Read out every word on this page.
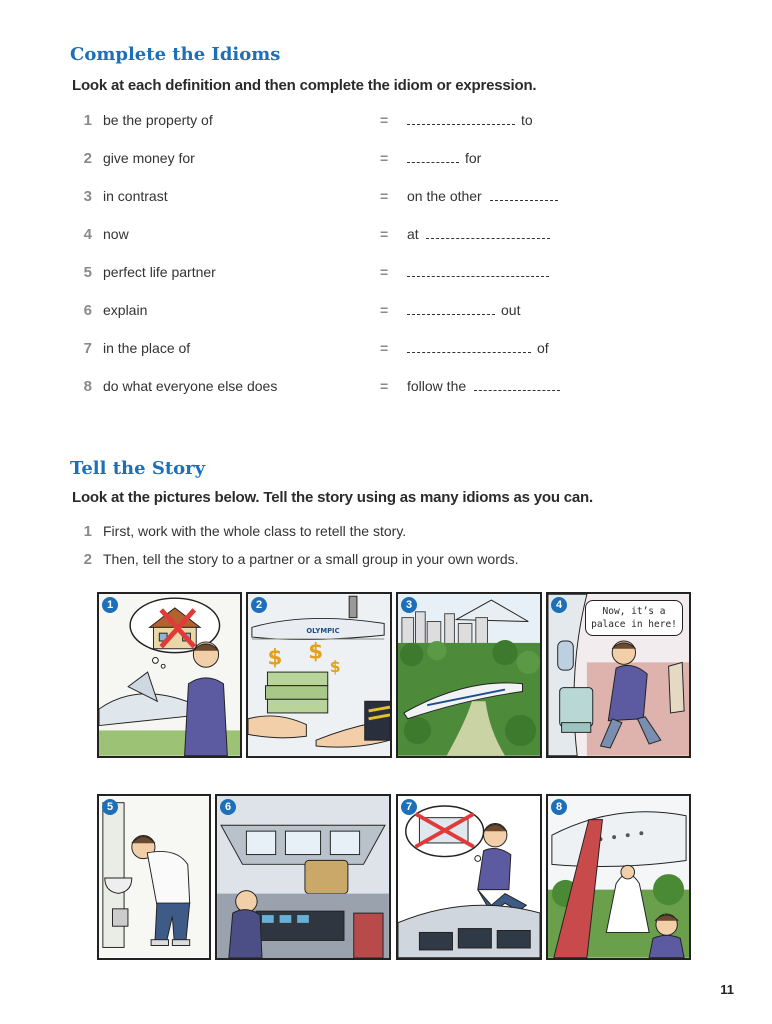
Complete the Idioms

Look at each definition and then complete the idiom or expression.

1 be the property of	=	to
2 give money for	=	for
3 in contrast	= on the other
4 now	= at
5 perfect life partner	=
6 explain	=	out
7 in the place of	=	of
8 do what everyone else does	= follow the
Tell the Story

Look at the pictures below. Tell the story using as many idioms as you can.

1 First, work with the whole class to retell the story.
2 Then, tell the story to a partner or a small group in your own words.
1	2
OLYMPIC
$ $
$
3	4
Now, it’s a palace in here!
5	6	7	8
11
